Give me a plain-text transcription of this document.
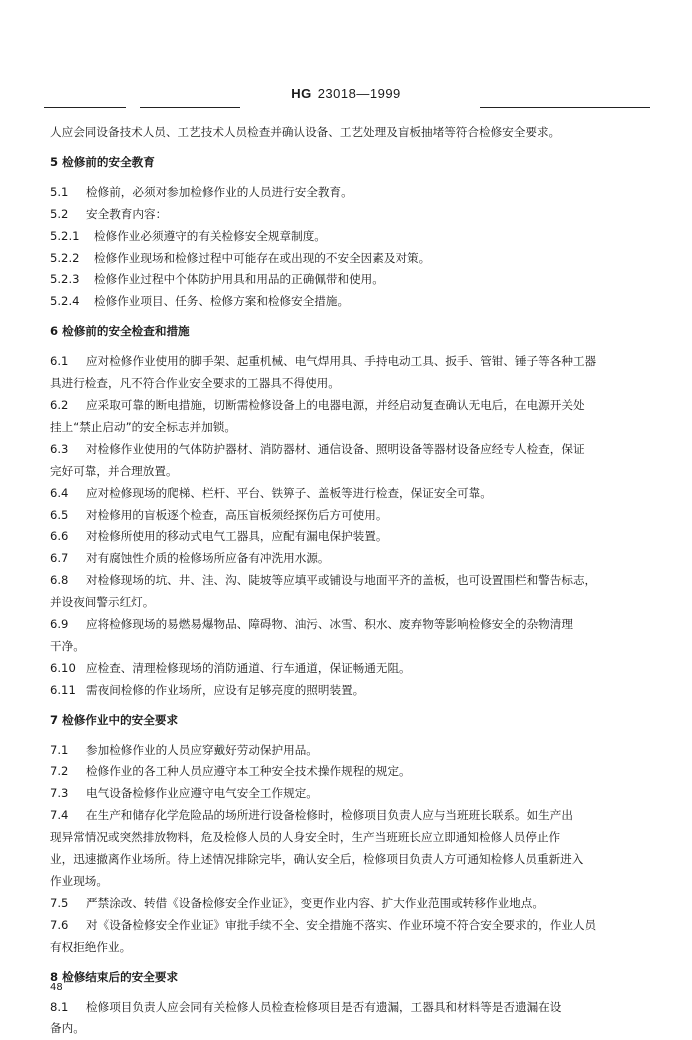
HG 23018—1999
人应会同设备技术人员、工艺技术人员检查并确认设备、工艺处理及盲板抽堵等符合检修安全要求。
5 检修前的安全教育
5.1 检修前，必须对参加检修作业的人员进行安全教育。
5.2 安全教育内容：
5.2.1 检修作业必须遵守的有关检修安全规章制度。
5.2.2 检修作业现场和检修过程中可能存在或出现的不安全因素及对策。
5.2.3 检修作业过程中个体防护用具和用品的正确佩带和使用。
5.2.4 检修作业项目、任务、检修方案和检修安全措施。
6 检修前的安全检查和措施
6.1 应对检修作业使用的脚手架、起重机械、电气焊用具、手持电动工具、扳手、管钳、锤子等各种工器
具进行检查，凡不符合作业安全要求的工器具不得使用。
6.2 应采取可靠的断电措施，切断需检修设备上的电器电源，并经启动复查确认无电后，在电源开关处
挂上“禁止启动”的安全标志并加锁。
6.3 对检修作业使用的气体防护器材、消防器材、通信设备、照明设备等器材设备应经专人检查，保证
完好可靠，并合理放置。
6.4 应对检修现场的爬梯、栏杆、平台、铁箅子、盖板等进行检查，保证安全可靠。
6.5 对检修用的盲板逐个检查，高压盲板须经探伤后方可使用。
6.6 对检修所使用的移动式电气工器具，应配有漏电保护装置。
6.7 对有腐蚀性介质的检修场所应备有冲洗用水源。
6.8 对检修现场的坑、井、洼、沟、陡坡等应填平或铺设与地面平齐的盖板，也可设置围栏和警告标志，
并设夜间警示红灯。
6.9 应将检修现场的易燃易爆物品、障碍物、油污、冰雪、积水、废弃物等影响检修安全的杂物清理
干净。
6.10 应检查、清理检修现场的消防通道、行车通道，保证畅通无阻。
6.11 需夜间检修的作业场所，应设有足够亮度的照明装置。
7 检修作业中的安全要求
7.1 参加检修作业的人员应穿戴好劳动保护用品。
7.2 检修作业的各工种人员应遵守本工种安全技术操作规程的规定。
7.3 电气设备检修作业应遵守电气安全工作规定。
7.4 在生产和储存化学危险品的场所进行设备检修时，检修项目负责人应与当班班长联系。如生产出
现异常情况或突然排放物料，危及检修人员的人身安全时，生产当班班长应立即通知检修人员停止作
业，迅速撤离作业场所。待上述情况排除完毕，确认安全后，检修项目负责人方可通知检修人员重新进入
作业现场。
7.5 严禁涂改、转借《设备检修安全作业证》，变更作业内容、扩大作业范围或转移作业地点。
7.6 对《设备检修安全作业证》审批手续不全、安全措施不落实、作业环境不符合安全要求的，作业人员
有权拒绝作业。
8 检修结束后的安全要求
8.1 检修项目负责人应会同有关检修人员检查检修项目是否有遗漏，工器具和材料等是否遗漏在设
备内。
48
